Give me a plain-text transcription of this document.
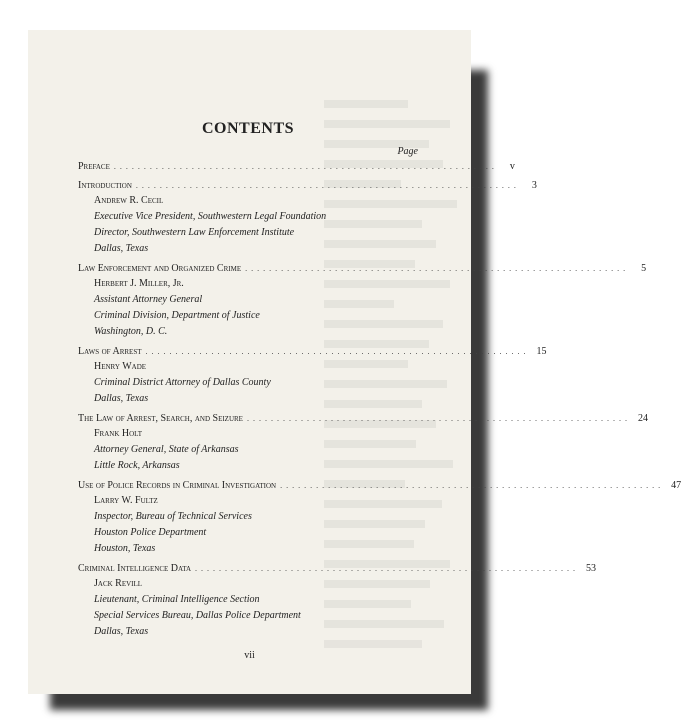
CONTENTS
Page
Preface . . . . . . . . . . . . . . . . . . . . . . . . . . . . . . . . . . . . . . . . . . . . . . . . . . . . . . . . . . . . . . . .	v
Introduction . . . . . . . . . . . . . . . . . . . . . . . . . . . . . . . . . . . . . . . . . . . . . . . . . . . . . . . . . . . . . . . .	3
Andrew R. Cecil
Executive Vice President, Southwestern Legal Foundation
Director, Southwestern Law Enforcement Institute
Dallas, Texas
Law Enforcement and Organized Crime . . . . . . . . . . . . . . . . . . . . . . . . . . . . . . . . . . . . . . . . . . . . . . . . . . . . . . . . . . . . . . . .	5
Herbert J. Miller, Jr.
Assistant Attorney General
Criminal Division, Department of Justice
Washington, D. C.
Laws of Arrest . . . . . . . . . . . . . . . . . . . . . . . . . . . . . . . . . . . . . . . . . . . . . . . . . . . . . . . . . . . . . . . .	15
Henry Wade
Criminal District Attorney of Dallas County
Dallas, Texas
The Law of Arrest, Search, and Seizure . . . . . . . . . . . . . . . . . . . . . . . . . . . . . . . . . . . . . . . . . . . . . . . . . . . . . . . . . . . . . . . .	24
Frank Holt
Attorney General, State of Arkansas
Little Rock, Arkansas
Use of Police Records in Criminal Investigation . . . . . . . . . . . . . . . . . . . . . . . . . . . . . . . . . . . . . . . . . . . . . . . . . . . . . . . . . . . . . . . .	47
Larry W. Fultz
Inspector, Bureau of Technical Services
Houston Police Department
Houston, Texas
Criminal Intelligence Data . . . . . . . . . . . . . . . . . . . . . . . . . . . . . . . . . . . . . . . . . . . . . . . . . . . . . . . . . . . . . . . .	53
Jack Revill
Lieutenant, Criminal Intelligence Section
Special Services Bureau, Dallas Police Department
Dallas, Texas
vii
